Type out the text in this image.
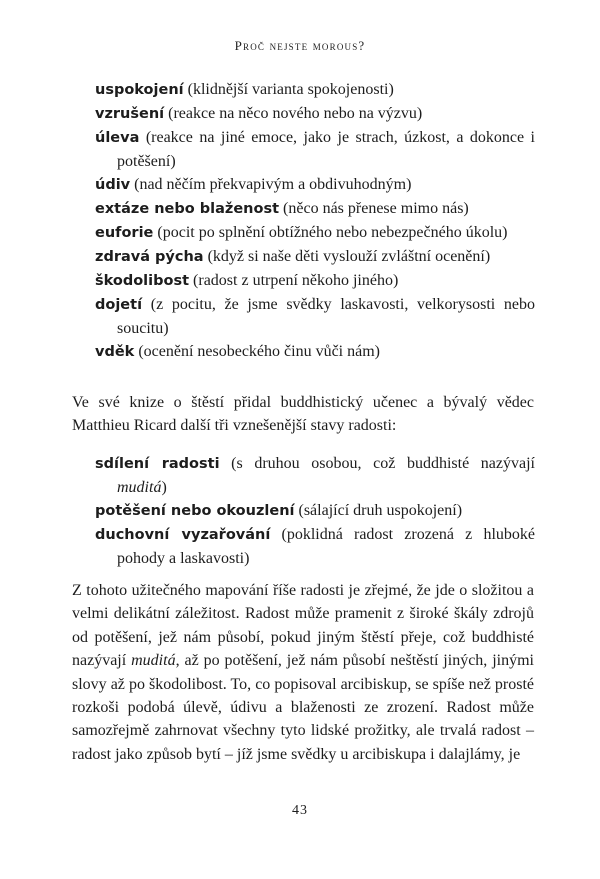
Proč nejste morous?
uspokojení (klidnější varianta spokojenosti)
vzrušení (reakce na něco nového nebo na výzvu)
úleva (reakce na jiné emoce, jako je strach, úzkost, a dokonce i potěšení)
údiv (nad něčím překvapivým a obdivuhodným)
extáze nebo blaženost (něco nás přenese mimo nás)
euforie (pocit po splnění obtížného nebo nebezpečného úkolu)
zdravá pýcha (když si naše děti vyslouží zvláštní ocenění)
škodolibost (radost z utrpení někoho jiného)
dojetí (z pocitu, že jsme svědky laskavosti, velkorysosti nebo soucitu)
vděk (ocenění nesobeckého činu vůči nám)
Ve své knize o štěstí přidal buddhistický učenec a bývalý vědec Matthieu Ricard další tři vznešenější stavy radosti:
sdílení radosti (s druhou osobou, což buddhisté nazývají muditá)
potěšení nebo okouzlení (sálající druh uspokojení)
duchovní vyzařování (poklidná radost zrozená z hluboké pohody a laskavosti)
Z tohoto užitečného mapování říše radosti je zřejmé, že jde o složitou a velmi delikátní záležitost. Radost může pramenit z široké škály zdrojů od potěšení, jež nám působí, pokud jiným štěstí přeje, což buddhisté nazývají muditá, až po potěšení, jež nám působí neštěstí jiných, jinými slovy až po škodolibost. To, co popisoval arcibiskup, se spíše než prosté rozkoši podobá úlevě, údivu a blaženosti ze zrození. Radost může samozřejmě zahrnovat všechny tyto lidské prožitky, ale trvalá radost – radost jako způsob bytí – jíž jsme svědky u arcibiskupa i dalajlámy, je
43
